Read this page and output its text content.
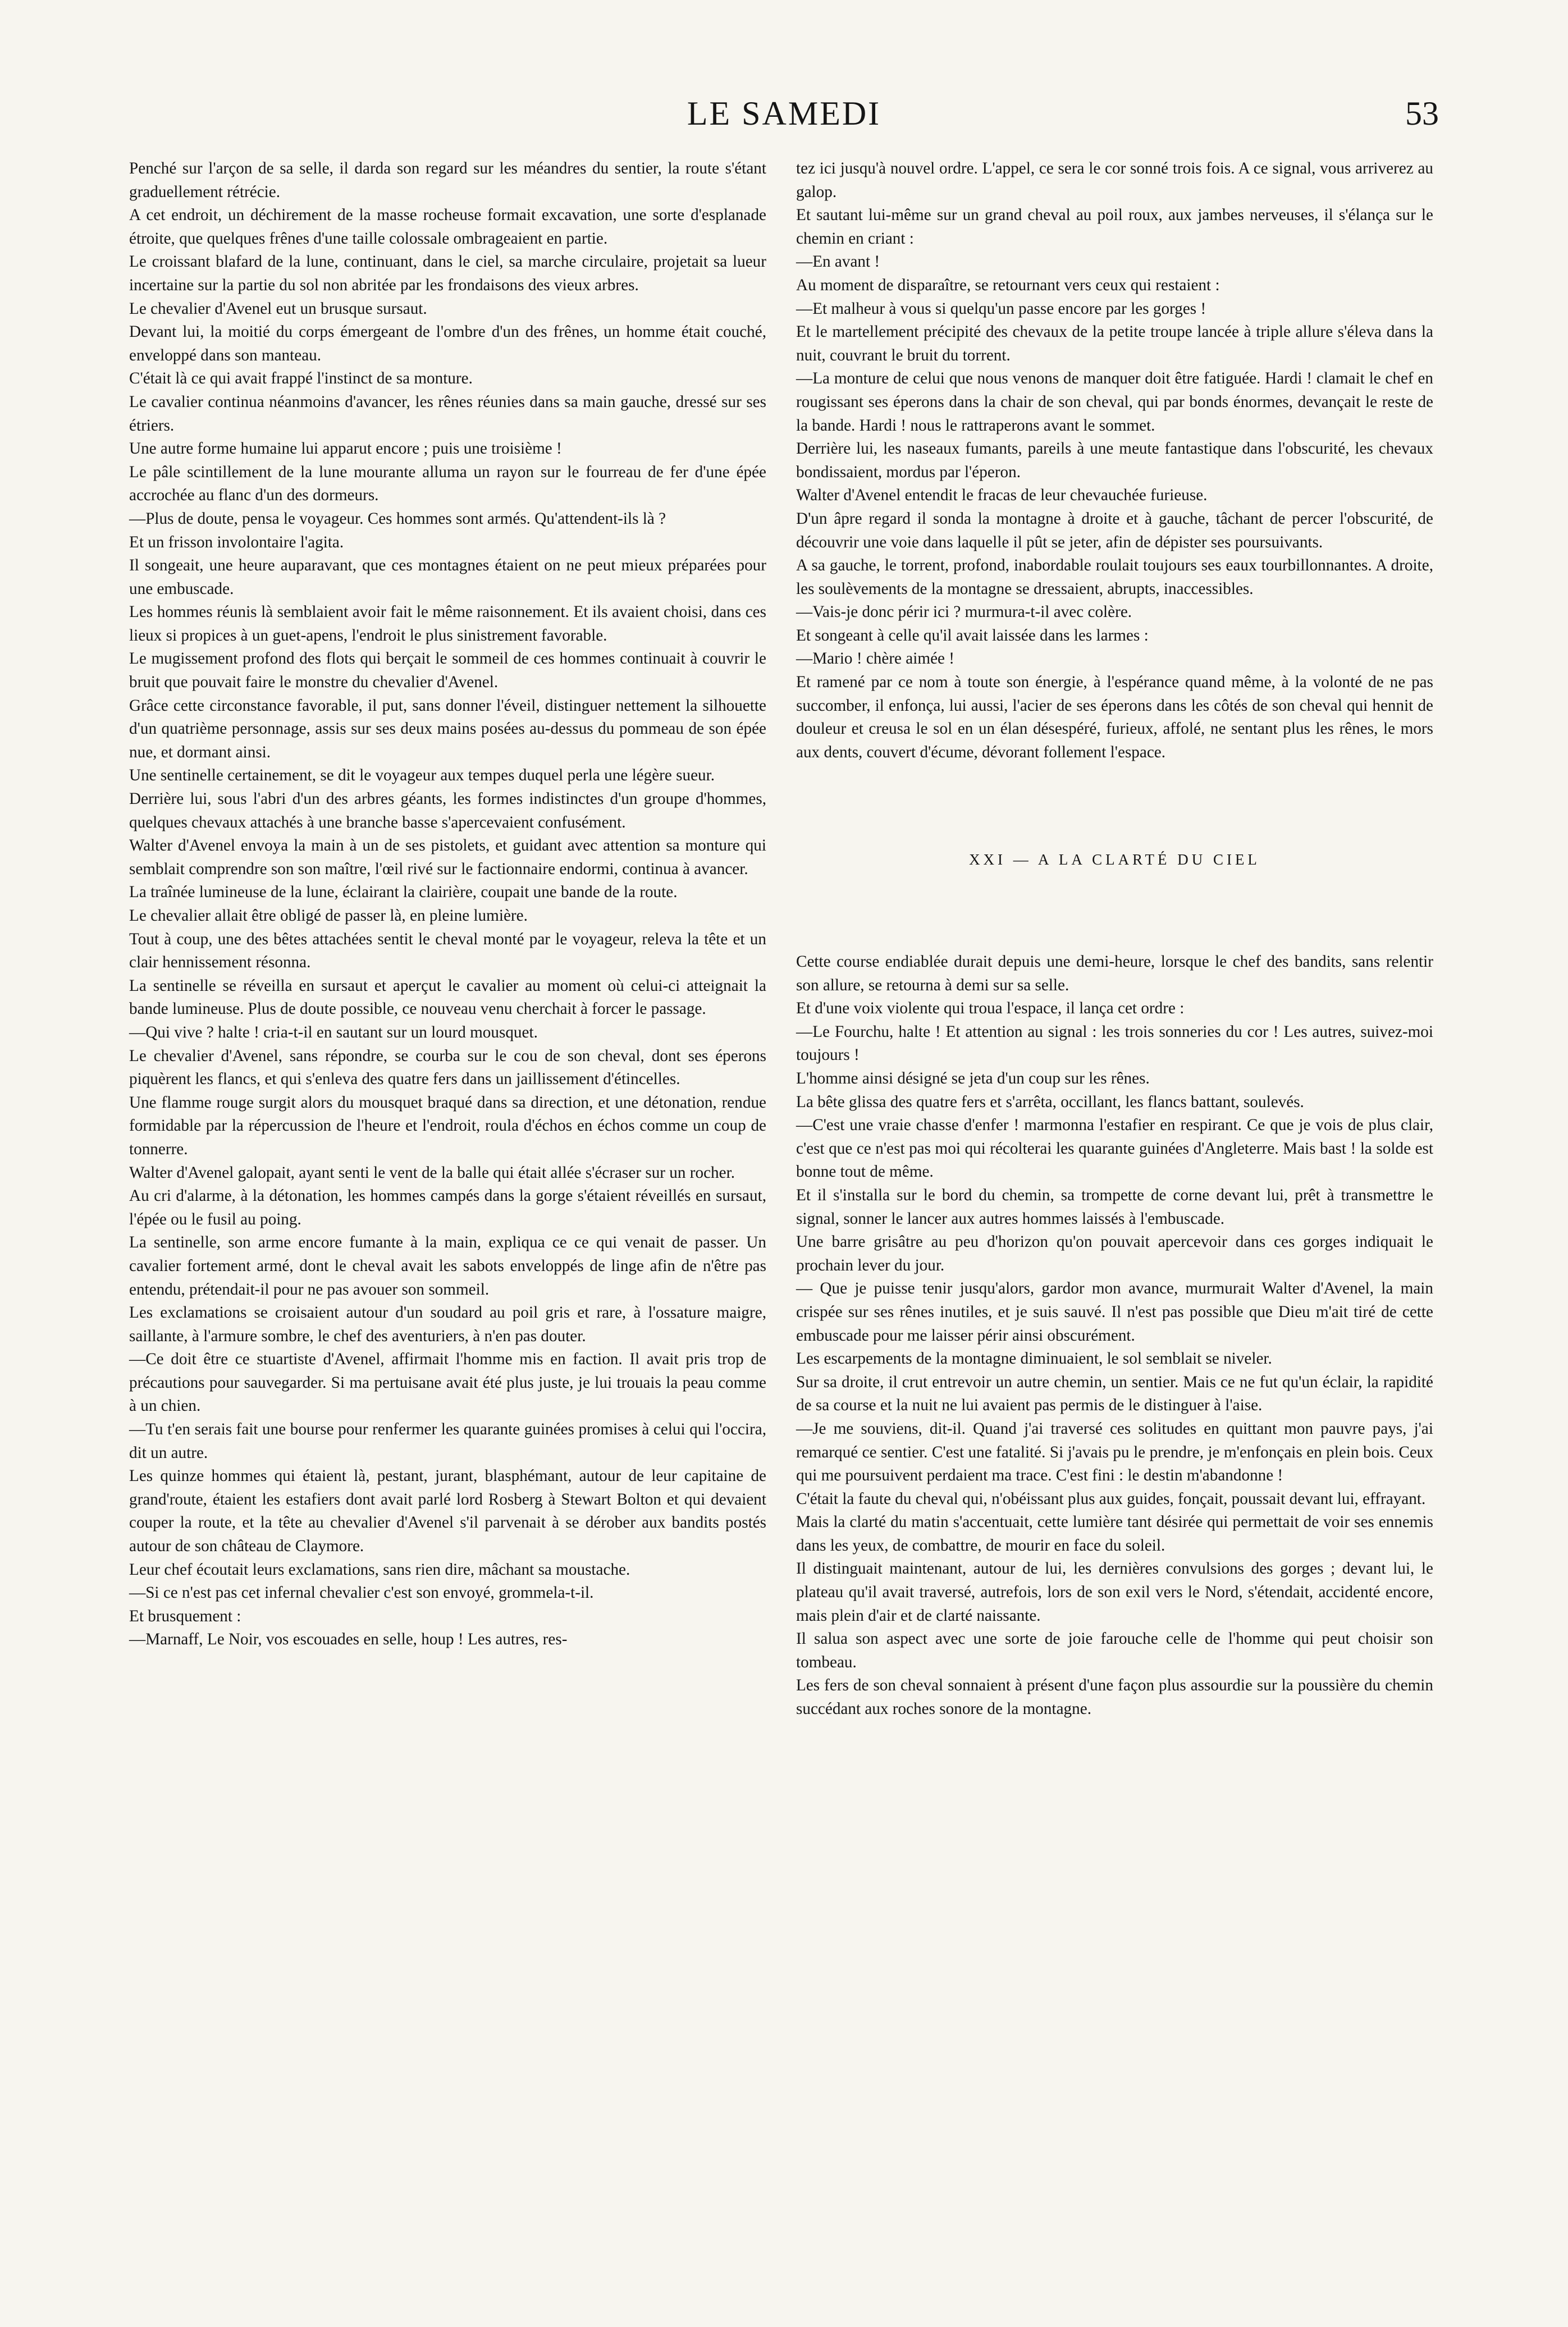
LE SAMEDI	53

Penché sur l'arçon de sa selle, il darda son regard sur les méandres du sentier, la route s'étant graduellement rétrécie.

A cet endroit, un déchirement de la masse rocheuse formait excavation, une sorte d'esplanade étroite, que quelques frênes d'une taille colossale ombrageaient en partie.

Le croissant blafard de la lune, continuant, dans le ciel, sa marche circulaire, projetait sa lueur incertaine sur la partie du sol non abritée par les frondaisons des vieux arbres.

Le chevalier d'Avenel eut un brusque sursaut.

Devant lui, la moitié du corps émergeant de l'ombre d'un des frênes, un homme était couché, enveloppé dans son manteau.

C'était là ce qui avait frappé l'instinct de sa monture.

Le cavalier continua néanmoins d'avancer, les rênes réunies dans sa main gauche, dressé sur ses étriers.

Une autre forme humaine lui apparut encore ; puis une troisième !

Le pâle scintillement de la lune mourante alluma un rayon sur le fourreau de fer d'une épée accrochée au flanc d'un des dormeurs.

—Plus de doute, pensa le voyageur. Ces hommes sont armés. Qu'attendent-ils là ?

Et un frisson involontaire l'agita.

Il songeait, une heure auparavant, que ces montagnes étaient on ne peut mieux préparées pour une embuscade.

Les hommes réunis là semblaient avoir fait le même raisonnement. Et ils avaient choisi, dans ces lieux si propices à un guet-apens, l'endroit le plus sinistrement favorable.

Le mugissement profond des flots qui berçait le sommeil de ces hommes continuait à couvrir le bruit que pouvait faire le monstre du chevalier d'Avenel.

Grâce cette circonstance favorable, il put, sans donner l'éveil, distinguer nettement la silhouette d'un quatrième personnage, assis sur ses deux mains posées au-dessus du pommeau de son épée nue, et dormant ainsi.

Une sentinelle certainement, se dit le voyageur aux tempes duquel perla une légère sueur.

Derrière lui, sous l'abri d'un des arbres géants, les formes indistinctes d'un groupe d'hommes, quelques chevaux attachés à une branche basse s'apercevaient confusément.

Walter d'Avenel envoya la main à un de ses pistolets, et guidant avec attention sa monture qui semblait comprendre son son maître, l'œil rivé sur le factionnaire endormi, continua à avancer.

La traînée lumineuse de la lune, éclairant la clairière, coupait une bande de la route.

Le chevalier allait être obligé de passer là, en pleine lumière.

Tout à coup, une des bêtes attachées sentit le cheval monté par le voyageur, releva la tête et un clair hennissement résonna.

La sentinelle se réveilla en sursaut et aperçut le cavalier au moment où celui-ci atteignait la bande lumineuse. Plus de doute possible, ce nouveau venu cherchait à forcer le passage.

—Qui vive ? halte ! cria-t-il en sautant sur un lourd mousquet.

Le chevalier d'Avenel, sans répondre, se courba sur le cou de son cheval, dont ses éperons piquèrent les flancs, et qui s'enleva des quatre fers dans un jaillissement d'étincelles.

Une flamme rouge surgit alors du mousquet braqué dans sa direction, et une détonation, rendue formidable par la répercussion de l'heure et l'endroit, roula d'échos en échos comme un coup de tonnerre.

Walter d'Avenel galopait, ayant senti le vent de la balle qui était allée s'écraser sur un rocher.

Au cri d'alarme, à la détonation, les hommes campés dans la gorge s'étaient réveillés en sursaut, l'épée ou le fusil au poing.

La sentinelle, son arme encore fumante à la main, expliqua ce ce qui venait de passer. Un cavalier fortement armé, dont le cheval avait les sabots enveloppés de linge afin de n'être pas entendu, prétendait-il pour ne pas avouer son sommeil.

Les exclamations se croisaient autour d'un soudard au poil gris et rare, à l'ossature maigre, saillante, à l'armure sombre, le chef des aventuriers, à n'en pas douter.

—Ce doit être ce stuartiste d'Avenel, affirmait l'homme mis en faction. Il avait pris trop de précautions pour sauvegarder. Si ma pertuisane avait été plus juste, je lui trouais la peau comme à un chien.

—Tu t'en serais fait une bourse pour renfermer les quarante guinées promises à celui qui l'occira, dit un autre.

Les quinze hommes qui étaient là, pestant, jurant, blasphémant, autour de leur capitaine de grand'route, étaient les estafiers dont avait parlé lord Rosberg à Stewart Bolton et qui devaient couper la route, et la tête au chevalier d'Avenel s'il parvenait à se dérober aux bandits postés autour de son château de Claymore.

Leur chef écoutait leurs exclamations, sans rien dire, mâchant sa moustache.

—Si ce n'est pas cet infernal chevalier c'est son envoyé, grommela-t-il.

Et brusquement :

—Marnaff, Le Noir, vos escouades en selle, houp ! Les autres, res-

tez ici jusqu'à nouvel ordre. L'appel, ce sera le cor sonné trois fois. A ce signal, vous arriverez au galop.

Et sautant lui-même sur un grand cheval au poil roux, aux jambes nerveuses, il s'élança sur le chemin en criant :

—En avant !

Au moment de disparaître, se retournant vers ceux qui restaient :

—Et malheur à vous si quelqu'un passe encore par les gorges !

Et le martellement précipité des chevaux de la petite troupe lancée à triple allure s'éleva dans la nuit, couvrant le bruit du torrent.

—La monture de celui que nous venons de manquer doit être fatiguée. Hardi ! clamait le chef en rougissant ses éperons dans la chair de son cheval, qui par bonds énormes, devançait le reste de la bande. Hardi ! nous le rattraperons avant le sommet.

Derrière lui, les naseaux fumants, pareils à une meute fantastique dans l'obscurité, les chevaux bondissaient, mordus par l'éperon.

Walter d'Avenel entendit le fracas de leur chevauchée furieuse.

D'un âpre regard il sonda la montagne à droite et à gauche, tâchant de percer l'obscurité, de découvrir une voie dans laquelle il pût se jeter, afin de dépister ses poursuivants.

A sa gauche, le torrent, profond, inabordable roulait toujours ses eaux tourbillonnantes. A droite, les soulèvements de la montagne se dressaient, abrupts, inaccessibles.

—Vais-je donc périr ici ? murmura-t-il avec colère.

Et songeant à celle qu'il avait laissée dans les larmes :

—Mario ! chère aimée !

Et ramené par ce nom à toute son énergie, à l'espérance quand même, à la volonté de ne pas succomber, il enfonça, lui aussi, l'acier de ses éperons dans les côtés de son cheval qui hennit de douleur et creusa le sol en un élan désespéré, furieux, affolé, ne sentant plus les rênes, le mors aux dents, couvert d'écume, dévorant follement l'espace.

XXI — A LA CLARTÉ DU CIEL

Cette course endiablée durait depuis une demi-heure, lorsque le chef des bandits, sans relentir son allure, se retourna à demi sur sa selle.

Et d'une voix violente qui troua l'espace, il lança cet ordre :

—Le Fourchu, halte ! Et attention au signal : les trois sonneries du cor ! Les autres, suivez-moi toujours !

L'homme ainsi désigné se jeta d'un coup sur les rênes.

La bête glissa des quatre fers et s'arrêta, occillant, les flancs battant, soulevés.

—C'est une vraie chasse d'enfer ! marmonna l'estafier en respirant. Ce que je vois de plus clair, c'est que ce n'est pas moi qui récolterai les quarante guinées d'Angleterre. Mais bast ! la solde est bonne tout de même.

Et il s'installa sur le bord du chemin, sa trompette de corne devant lui, prêt à transmettre le signal, sonner le lancer aux autres hommes laissés à l'embuscade.

Une barre grisâtre au peu d'horizon qu'on pouvait apercevoir dans ces gorges indiquait le prochain lever du jour.

— Que je puisse tenir jusqu'alors, gardor mon avance, murmurait Walter d'Avenel, la main crispée sur ses rênes inutiles, et je suis sauvé. Il n'est pas possible que Dieu m'ait tiré de cette embuscade pour me laisser périr ainsi obscurément.

Les escarpements de la montagne diminuaient, le sol semblait se niveler.

Sur sa droite, il crut entrevoir un autre chemin, un sentier. Mais ce ne fut qu'un éclair, la rapidité de sa course et la nuit ne lui avaient pas permis de le distinguer à l'aise.

—Je me souviens, dit-il. Quand j'ai traversé ces solitudes en quittant mon pauvre pays, j'ai remarqué ce sentier. C'est une fatalité. Si j'avais pu le prendre, je m'enfonçais en plein bois. Ceux qui me poursuivent perdaient ma trace. C'est fini : le destin m'abandonne !

C'était la faute du cheval qui, n'obéissant plus aux guides, fonçait, poussait devant lui, effrayant.

Mais la clarté du matin s'accentuait, cette lumière tant désirée qui permettait de voir ses ennemis dans les yeux, de combattre, de mourir en face du soleil.

Il distinguait maintenant, autour de lui, les dernières convulsions des gorges ; devant lui, le plateau qu'il avait traversé, autrefois, lors de son exil vers le Nord, s'étendait, accidenté encore, mais plein d'air et de clarté naissante.

Il salua son aspect avec une sorte de joie farouche celle de l'homme qui peut choisir son tombeau.

Les fers de son cheval sonnaient à présent d'une façon plus assourdie sur la poussière du chemin succédant aux roches sonore de la montagne.
